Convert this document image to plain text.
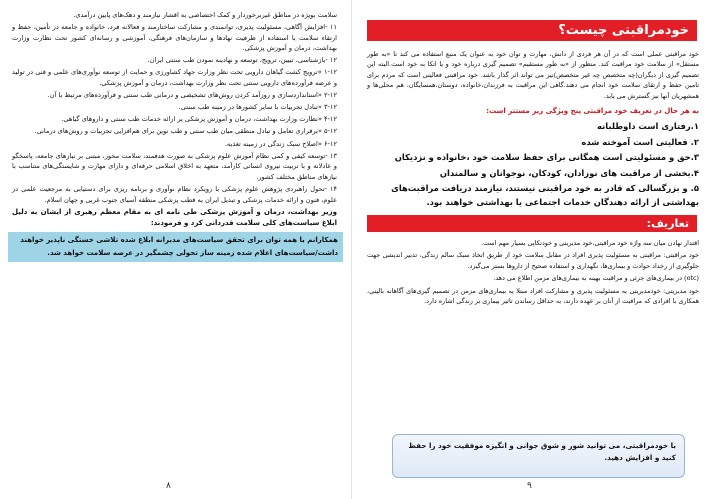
سلامت بویژه در مناطق غیربرخوردار و کمک اختصاصی به اقشار نیازمند و دهک‌های پایین درآمدی.

۱۱ -افزایش آگاهی، مسئولیت پذیری، توانمندی و مشارکت ساختارمند و فعالانه فرد، خانواده و جامعه در تأمین، حفظ و ارتقاء سلامت با استفاده از ظرفیت نهادها و سازمان‌های فرهنگی، آموزشی و رسانه‌ای کشور تحت نظارت وزارت بهداشت، درمان و آموزش پزشکی.

۱۲ -بازشناسی، تبیین، ترویج، توسعه و نهادینه نمودن طب سنتی ایران.

۱-۱۲ «ترویج کشت گیاهان دارویی تحت نظر وزارت جهاد کشاورزی و حمایت از توسعه نوآوری‌های علمی و فنی در تولید و عرضه فرآورده‌های دارویی سنتی تحت نظر وزارت بهداشت، درمان و آموزش پزشکی.

۲-۱۲ «استانداردسازی و روزآمد کردن روش‌های تشخیصی و درمانی طب سنتی و فرآورده‌های مرتبط با آن.

۳-۱۲ «تبادل تجربیات با سایر کشورها در زمینه طب سنتی.

۴-۱۲ «نظارت وزارت بهداشت، درمان و آموزش پزشکی بر ارائه خدمات طب سنتی و داروهای گیاهی.

۵-۱۲ «برقراری تعامل و تبادل منطقی میان طب سنتی و طب نوین برای هم‌افزایی تجربیات و روش‌های درمانی.

۶-۱۲ «اصلاح سبک زندگی در زمینه تغذیه.

۱۳ -توسعه کیفی و کمی نظام آموزش علوم پزشکی به صورت هدفمند، سلامت محور، مبتنی بر نیازهای جامعه، پاسخگو و عادلانه و با تربیت نیروی انسانی کارآمد، متعهد به اخلاق اسلامی حرفه‌ای و دارای مهارت و شایستگی‌های متناسب با نیازهای مناطق مختلف کشور.

۱۴ -تحول راهبردی پژوهش علوم پزشکی با رویکرد نظام نوآوری و برنامه ریزی برای دستیابی به مرجعیت علمی در علوم، فنون و ارائه خدمات پزشکی و تبدیل ایران به قطب پزشکی منطقه آسیای جنوب غربی و جهان اسلام.

وزیر بهداشت، درمان و آموزش پزشکی طی نامه ای به مقام معظم رهبری از ایشان به دلیل ابلاغ سیاست‌های کلی سلامت قدردانی کرد و فرمودند:

همکارانم با همه توان برای تحقق سیاست‌های مدبرانه ابلاغ شده تلاشی خستگی ناپذیر خواهند داشت/سیاست‌های اعلام شده زمینه ساز تحولی چشمگیر در عرصه سلامت خواهد شد.

۸
خودمراقبتی چیست؟

خود مراقبتی عملی است که در آن هر فردی از دانش، مهارت و توان خود به عنوان یک منبع استفاده می کند تا «به طور مستقل» از سلامت خود مراقبت کند. منظور از «به طور مستقیم» تصمیم گیری درباره خود و یا اتکا به خود است.البته این تصمیم گیری از دیگران(چه متخصص چه غیر متخصص)نیز می تواند اثر گذار باشد. خود مراقبتی فعالیتی است که مردم برای تامین حفظ و ارتقای سلامت خود انجام می دهند.گاهی این مراقبت به فرزندان،خانواده، دوستان،همسایگان، هم محلی‌ها و همشهریان آنها نیز گسترش می یابد.

به هر حال در تعریف خود مراقبتی پنج ویژگی زیر مستتر است:

۱.رفتاری است داوطلبانه

۲. فعالیتی است آموخته شده

۳.حق و مسئولیتی است همگانی برای حفظ سلامت خود ،خانواده و نزدیکان

۴.بخشی از مراقبت های نوزادان، کودکان، نوجوانان و سالمندان

۵. و بزرگسالی که قادر به خود مراقبتی نیستند، نیازمند دریافت مراقبت‌های بهداشتی از ارائه دهندگان خدمات اجتماعی یا بهداشتی خواهند بود.

تعاریف:

اقتدار نهادن میان سه واژه خود مراقبتی،خود مدیریتی و خودتکاپی بسیار مهم است.

خود مراقبتی: مراقبتی به مسئولیت پذیری افراد در مقابل سلامت خود از طریق اتخاذ سبک سالم زندگی، تدبیر اندیشی جهت جلوگیری از رخداد حوادث و بیماری‌ها، نگهداری و استفاده صحیح از داروها بستر می‌گیرد.

(otc) در بیماری‌های جزئی و مراقبت بهینه به بیماری‌های مزمن اطلاع می دهد.

خود مدیریتی: خودمدیریتی به مسئولیت پذیری و مشارکت افراد مبتلا به بیماری‌های مزمن در تصمیم گیری‌های آگاهانه بالینی، همکاری با افرادی که مراقبت از آنان بر عهده دارند، به حداقل رساندن تاثیر بیماری بر زندگی اشاره دارد.

با خودمراقبتی، می توانید شور و شوق جوانی و انگیزه موفقیت خود را حفظ کنید و افزایش دهید.
۹
